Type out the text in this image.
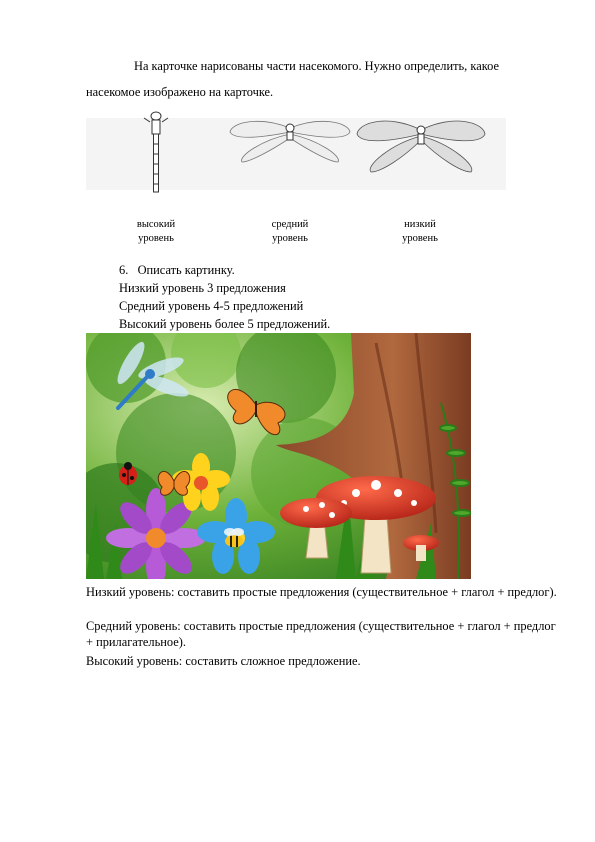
На карточке нарисованы части насекомого. Нужно определить, какое
насекомое изображено на карточке.
высокий
уровень
средний
уровень
низкий
уровень
6. Описать картинку.
Низкий уровень 3 предложения
Средний уровень 4-5 предложений
Высокий уровень более 5 предложений.
Низкий уровень: составить простые предложения (существительное + глагол + предлог).
Средний уровень: составить простые предложения (существительное + глагол + предлог + прилагательное).
Высокий уровень: составить сложное предложение.
